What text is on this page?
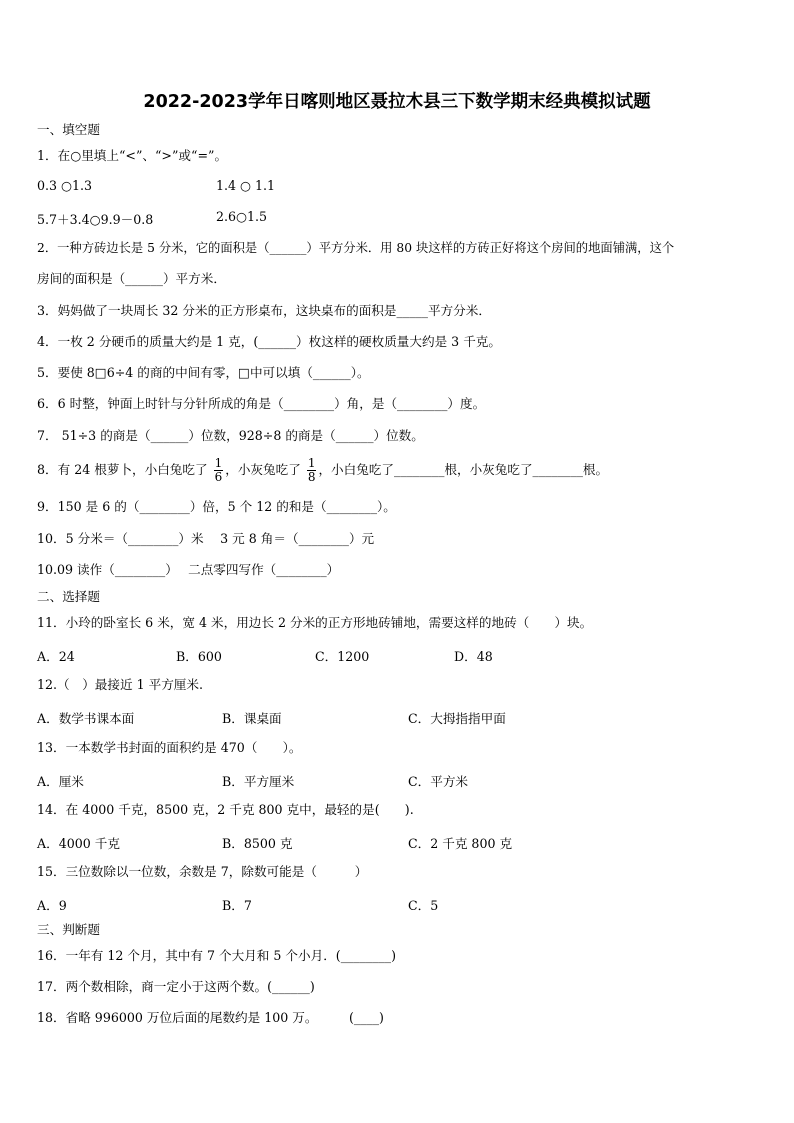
2022-2023学年日喀则地区聂拉木县三下数学期末经典模拟试题
一、填空题
1．在○里填上“<”、“>”或“=”。
0.3 ○1.3	1.4 ○ 1.1
5.7＋3.4○9.9－0.8	2.6○1.5
2．一种方砖边长是 5 分米，它的面积是（______）平方分米．用 80 块这样的方砖正好将这个房间的地面铺满，这个
房间的面积是（______）平方米．
3．妈妈做了一块周长 32 分米的正方形桌布，这块桌布的面积是_____平方分米．
4．一枚 2 分硬币的质量大约是 1 克，(______）枚这样的硬枚质量大约是 3 千克。
5．要使 8□6÷4 的商的中间有零，□中可以填（______）。
6．6 时整，钟面上时针与分针所成的角是（________）角，是（________）度。
7． 51÷3 的商是（______）位数，928÷8 的商是（______）位数。
8．有 24 根萝卜，小白兔吃了 $\frac{1}{6}$ ，小灰兔吃了 $\frac{1}{8}$ ，小白兔吃了________根，小灰兔吃了________根。
9．150 是 6 的（________）倍，5 个 12 的和是（________）。
10．5 分米＝（________）米　 3 元 8 角＝（________）元
10.09 读作（________）　 二点零四写作（________）
二、选择题
11．小玲的卧室长 6 米，宽 4 米，用边长 2 分米的正方形地砖铺地，需要这样的地砖（　　）块。
A．24	B．600	C．1200	D．48
12.（　）最接近 1 平方厘米.
A．数学书课本面	B．课桌面	C．大拇指指甲面
13．一本数学书封面的面积约是 470（　　）。
A．厘米	B．平方厘米	C．平方米
14．在 4000 千克，8500 克，2 千克 800 克中，最轻的是(　　).
A．4000 千克	B．8500 克	C．2 千克 800 克
15．三位数除以一位数，余数是 7，除数可能是（　　　）
A．9	B．7	C．5
三、判断题
16．一年有 12 个月，其中有 7 个大月和 5 个小月．(________)
17．两个数相除，商一定小于这两个数。(______)
18．省略 996000 万位后面的尾数约是 100 万。　　　(____)
